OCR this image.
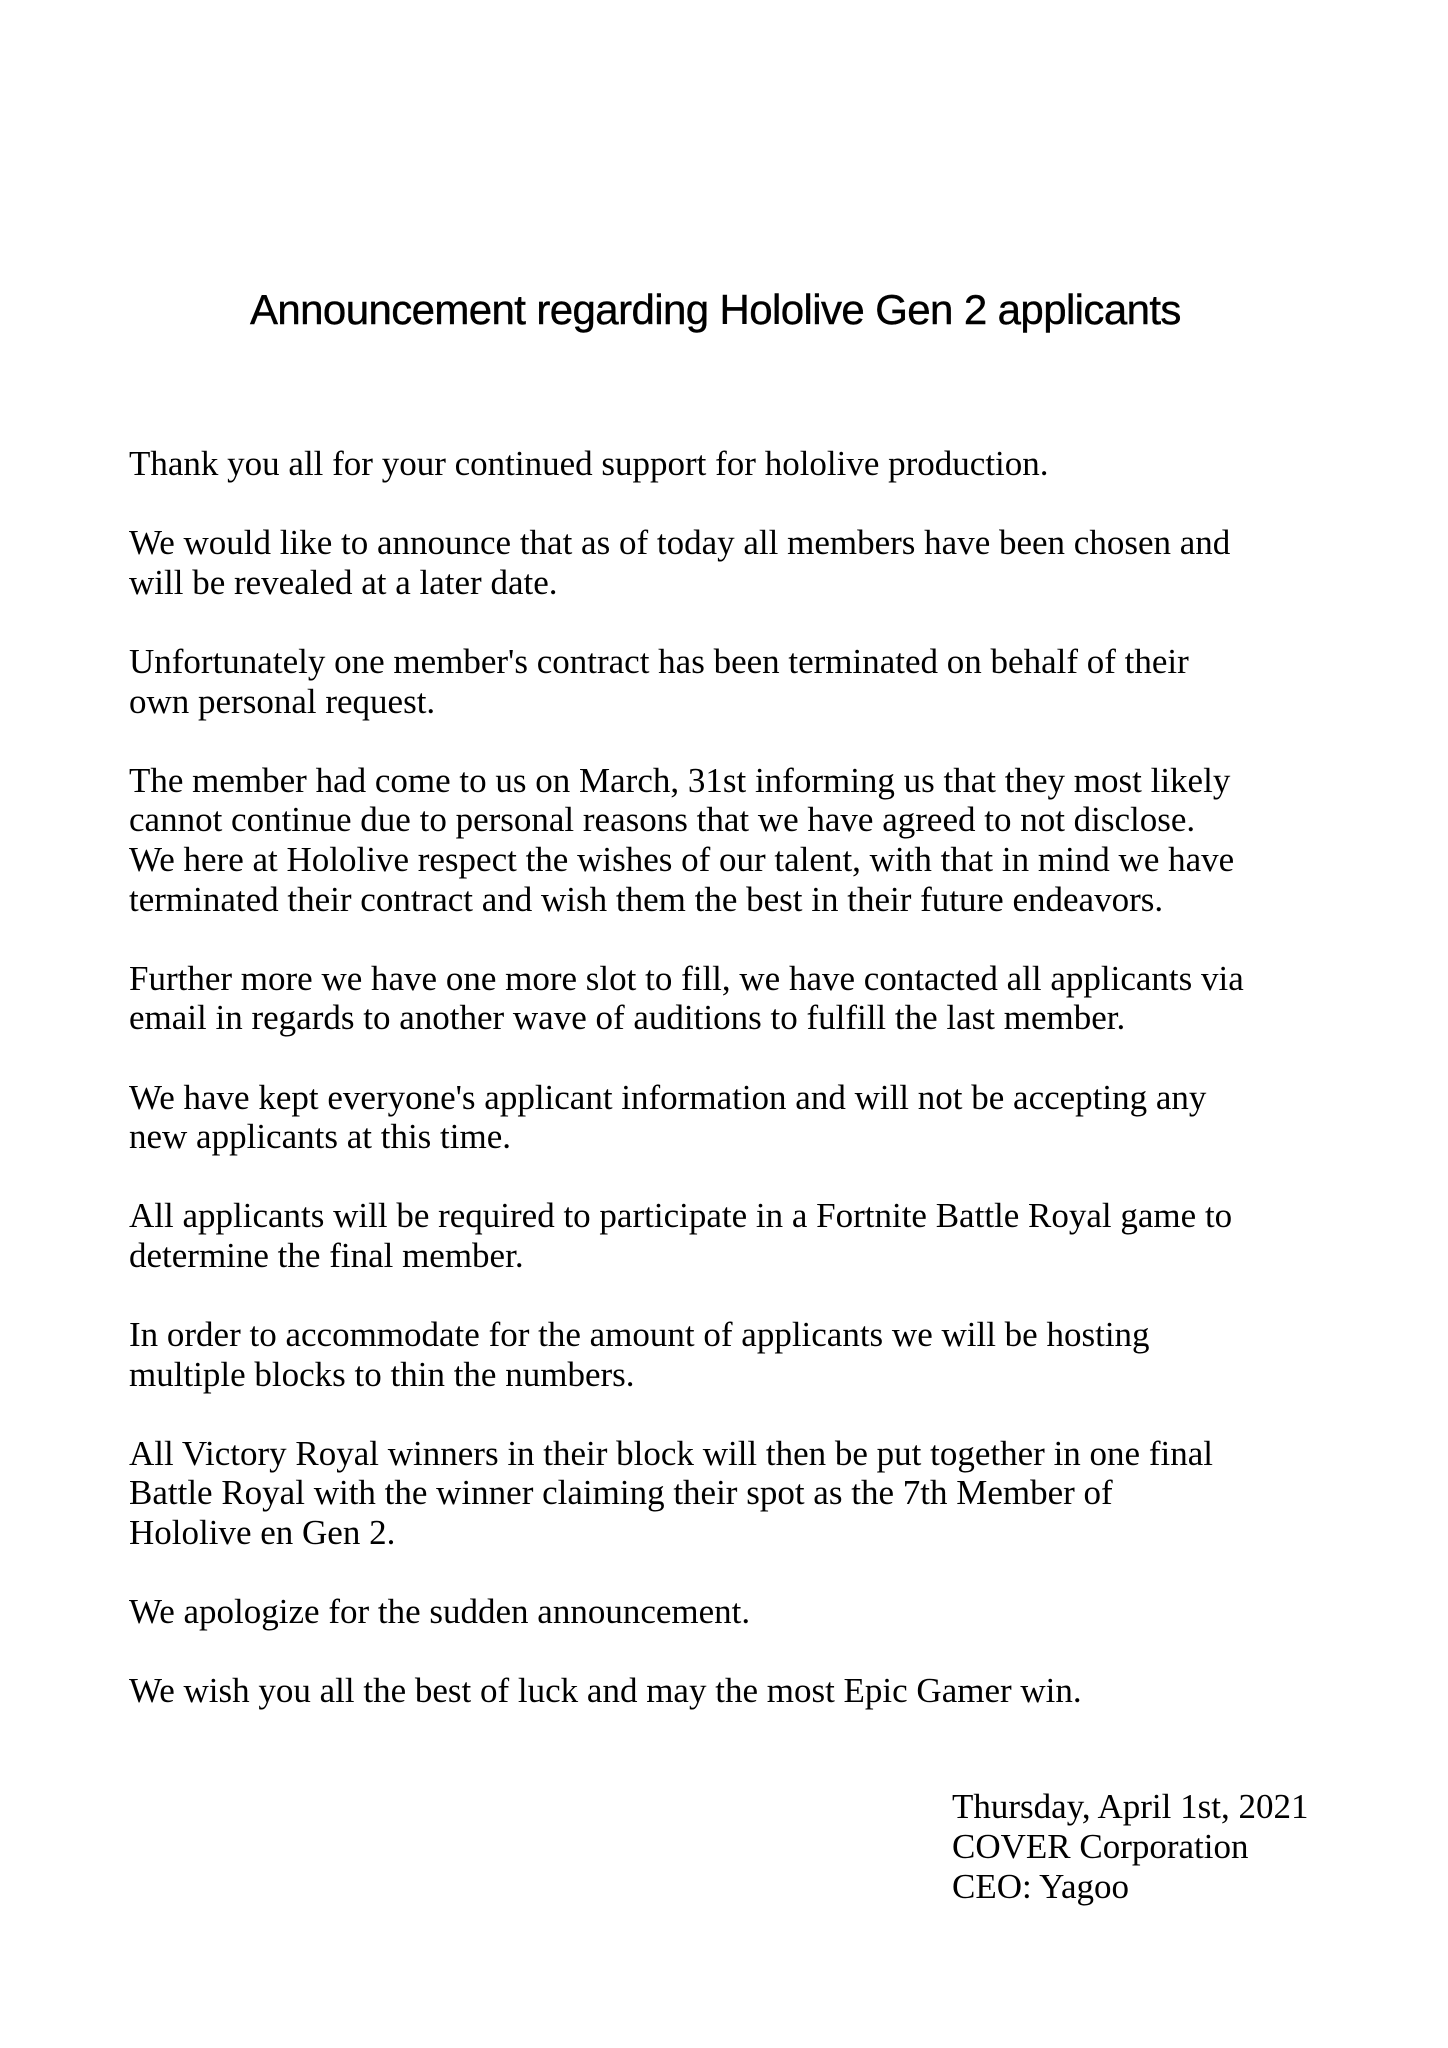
Announcement regarding Hololive Gen 2 applicants

Thank you all for your continued support for hololive production.

We would like to announce that as of today all members have been chosen and
will be revealed at a later date.

Unfortunately one member's contract has been terminated on behalf of their
own personal request.

The member had come to us on March, 31st informing us that they most likely
cannot continue due to personal reasons that we have agreed to not disclose.
We here at Hololive respect the wishes of our talent, with that in mind we have
terminated their contract and wish them the best in their future endeavors.

Further more we have one more slot to fill, we have contacted all applicants via
email in regards to another wave of auditions to fulfill the last member.

We have kept everyone's applicant information and will not be accepting any
new applicants at this time.

All applicants will be required to participate in a Fortnite Battle Royal game to
determine the final member.

In order to accommodate for the amount of applicants we will be hosting
multiple blocks to thin the numbers.

All Victory Royal winners in their block will then be put together in one final
Battle Royal with the winner claiming their spot as the 7th Member of
Hololive en Gen 2.

We apologize for the sudden announcement.

We wish you all the best of luck and may the most Epic Gamer win.

Thursday, April 1st, 2021
COVER Corporation
CEO: Yagoo
